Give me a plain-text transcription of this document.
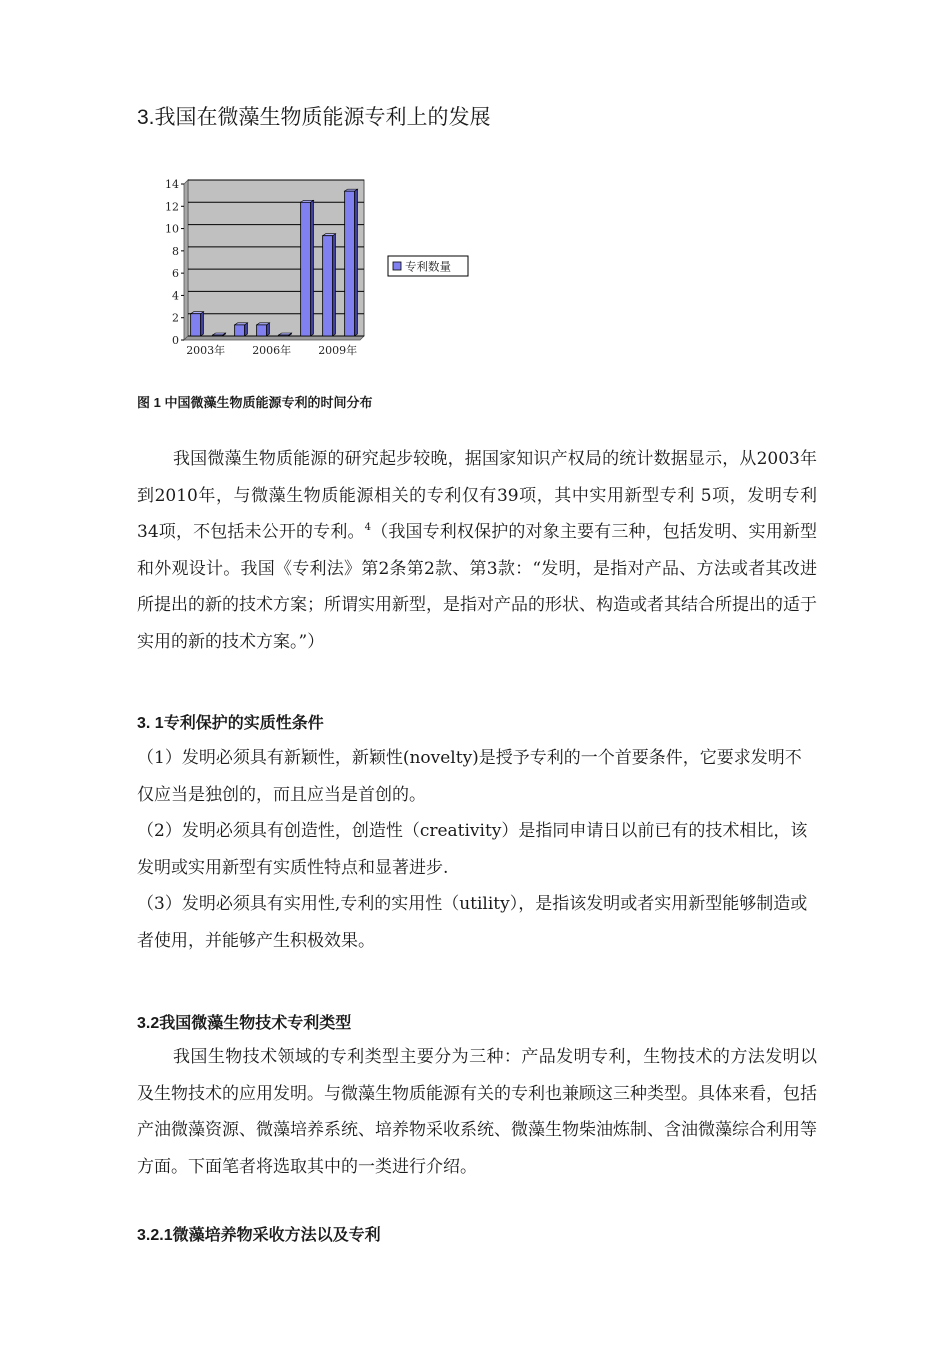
3.我国在微藻生物质能源专利上的发展
0
2
4
6
8
10
12
14
2003年 2006年 2009年
专利数量
图 1 中国微藻生物质能源专利的时间分布

我国微藻生物质能源的研究起步较晚，据国家知识产权局的统计数据显示，从2003年到2010年，与微藻生物质能源相关的专利仅有39项，其中实用新型专利 5项，发明专利34项，不包括未公开的专利。$^4$（我国专利权保护的对象主要有三种，包括发明、实用新型和外观设计。我国《专利法》第2条第2款、第3款：“发明，是指对产品、方法或者其改进所提出的新的技术方案；所谓实用新型，是指对产品的形状、构造或者其结合所提出的适于实用的新的技术方案。”）

3. 1专利保护的实质性条件

（1）发明必须具有新颖性，新颖性(novelty)是授予专利的一个首要条件，它要求发明不仅应当是独创的，而且应当是首创的。

（2）发明必须具有创造性，创造性（creativity）是指同申请日以前已有的技术相比，该发明或实用新型有实质性特点和显著进步.

（3）发明必须具有实用性,专利的实用性（utility），是指该发明或者实用新型能够制造或者使用，并能够产生积极效果。

3.2我国微藻生物技术专利类型

我国生物技术领域的专利类型主要分为三种：产品发明专利，生物技术的方法发明以及生物技术的应用发明。与微藻生物质能源有关的专利也兼顾这三种类型。具体来看，包括产油微藻资源、微藻培养系统、培养物采收系统、微藻生物柴油炼制、含油微藻综合利用等方面。下面笔者将选取其中的一类进行介绍。

3.2.1微藻培养物采收方法以及专利
